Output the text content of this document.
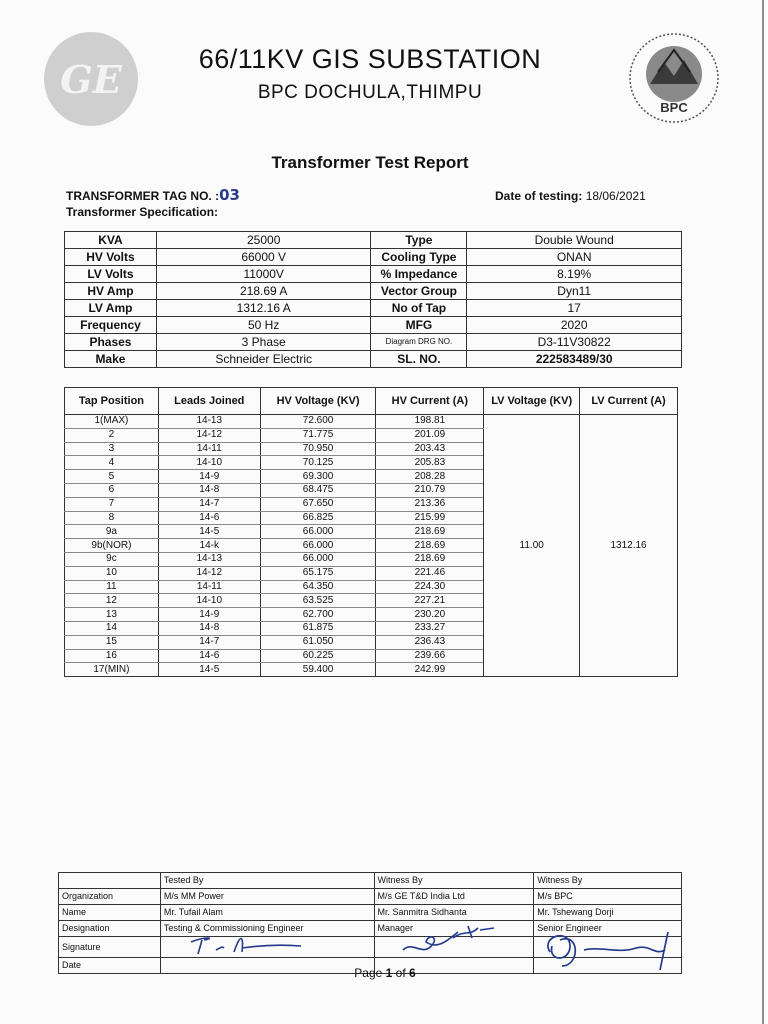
GE
BPC
66/11KV GIS SUBSTATION
BPC DOCHULA,THIMPU
Transformer Test Report
TRANSFORMER TAG NO. :03
Transformer Specification:
Date of testing: 18/06/2021
KVA	25000	Type	Double Wound
HV Volts	66000 V	Cooling Type	ONAN
LV Volts	11000V	% Impedance	8.19%
HV Amp	218.69 A	Vector Group	Dyn11
LV Amp	1312.16 A	No of Tap	17
Frequency	50 Hz	MFG	2020
Phases	3 Phase	Diagram DRG NO.	D3-11V30822
Make	Schneider Electric	SL. NO.	222583489/30
Tap Position	Leads Joined	HV Voltage (KV)	HV Current (A)	LV Voltage (KV)	LV Current (A)
1(MAX)	14-13	72.600	198.81	11.00	1312.16
2	14-12	71.775	201.09		
3	14-11	70.950	203.43		
4	14-10	70.125	205.83		
5	14-9	69.300	208.28		
6	14-8	68.475	210.79		
7	14-7	67.650	213.36		
8	14-6	66.825	215.99		
9a	14-5	66.000	218.69		
9b(NOR)	14-k	66.000	218.69		
9c	14-13	66.000	218.69		
10	14-12	65.175	221.46		
11	14-11	64.350	224.30		
12	14-10	63.525	227.21		
13	14-9	62.700	230.20		
14	14-8	61.875	233.27		
15	14-7	61.050	236.43		
16	14-6	60.225	239.66		
17(MIN)	14-5	59.400	242.99		
	Tested By	Witness By	Witness By
Organization	M/s MM Power	M/s GE T&D India Ltd	M/s BPC
Name	Mr. Tufail Alam	Mr. Sanmitra Sidhanta	Mr. Tshewang Dorji
Designation	Testing & Commissioning Engineer	Manager	Senior Engineer
Signature			
Date			
Page 1 of 6
